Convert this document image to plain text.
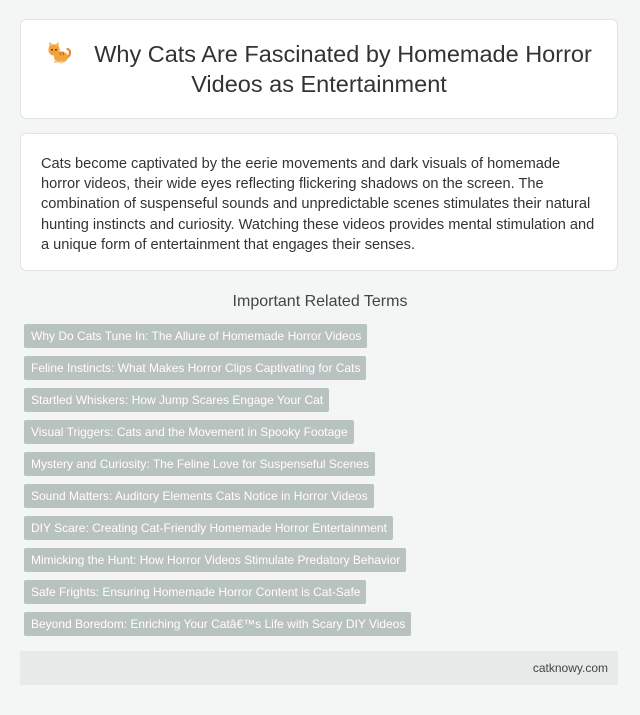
Why Cats Are Fascinated by Homemade Horror Videos as Entertainment

Cats become captivated by the eerie movements and dark visuals of homemade horror videos, their wide eyes reflecting flickering shadows on the screen. The combination of suspenseful sounds and unpredictable scenes stimulates their natural hunting instincts and curiosity. Watching these videos provides mental stimulation and a unique form of entertainment that engages their senses.

Important Related Terms
Why Do Cats Tune In: The Allure of Homemade Horror Videos
Feline Instincts: What Makes Horror Clips Captivating for Cats
Startled Whiskers: How Jump Scares Engage Your Cat
Visual Triggers: Cats and the Movement in Spooky Footage
Mystery and Curiosity: The Feline Love for Suspenseful Scenes
Sound Matters: Auditory Elements Cats Notice in Horror Videos
DIY Scare: Creating Cat-Friendly Homemade Horror Entertainment
Mimicking the Hunt: How Horror Videos Stimulate Predatory Behavior
Safe Frights: Ensuring Homemade Horror Content is Cat-Safe
Beyond Boredom: Enriching Your Catâ€™s Life with Scary DIY Videos
catknowy.com
